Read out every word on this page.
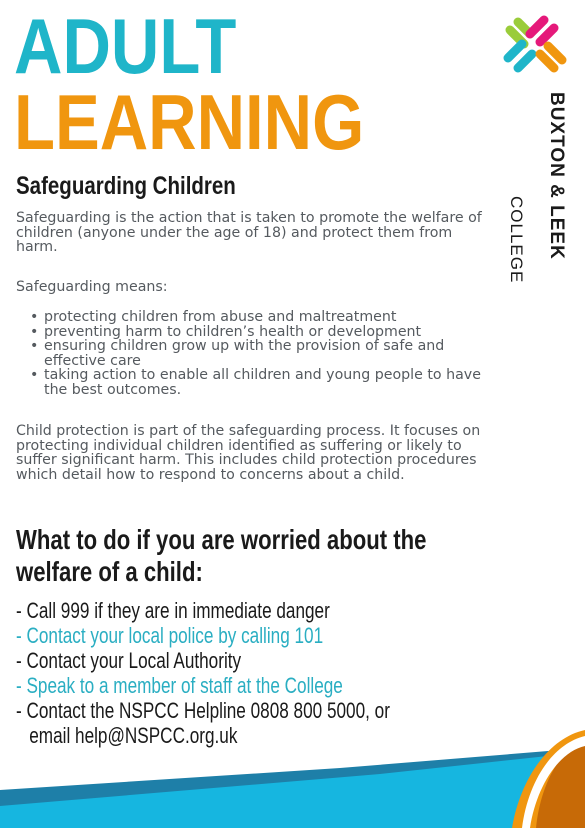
ADULT
LEARNING	BUXTON & LEEK
COLLEGE
Safeguarding Children

Safeguarding is the action that is taken to promote the welfare of children (anyone under the age of 18) and protect them from harm.

Safeguarding means:

• protecting children from abuse and maltreatment
• preventing harm to children’s health or development
• ensuring children grow up with the provision of safe and effective care
• taking action to enable all children and young people to have the best outcomes.

Child protection is part of the safeguarding process. It focuses on protecting individual children identified as suffering or likely to suffer significant harm. This includes child protection procedures which detail how to respond to concerns about a child.

What to do if you are worried about the welfare of a child:
- Call 999 if they are in immediate danger
- Contact your local police by calling 101
- Contact your Local Authority
- Speak to a member of staff at the College
- Contact the NSPCC Helpline 0808 800 5000, or
email help@NSPCC.org.uk
